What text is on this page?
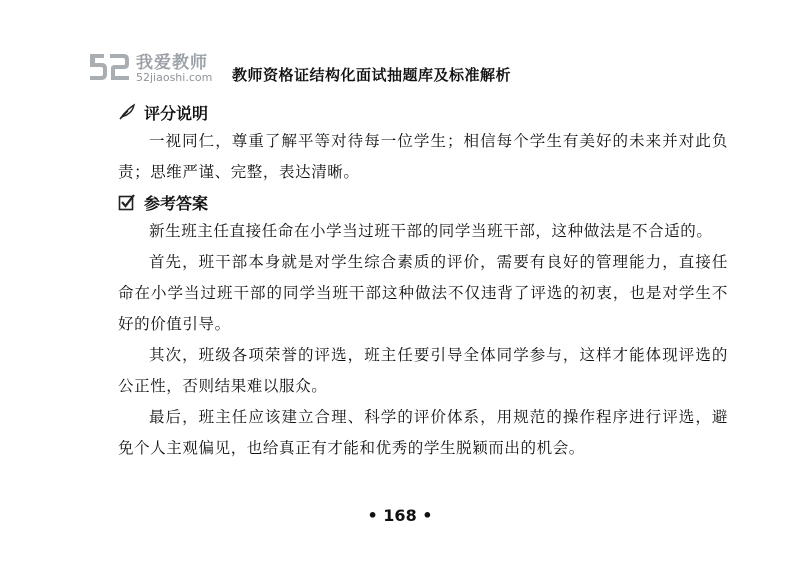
我爱教师
52jiaoshi.com 教师资格证结构化面试抽题库及标准解析
评分说明

一视同仁，尊重了解平等对待每一位学生；相信每个学生有美好的未来并对此负责；思维严谨、完整，表达清晰。

参考答案

新生班主任直接任命在小学当过班干部的同学当班干部，这种做法是不合适的。

首先，班干部本身就是对学生综合素质的评价，需要有良好的管理能力，直接任命在小学当过班干部的同学当班干部这种做法不仅违背了评选的初衷，也是对学生不好的价值引导。

其次，班级各项荣誉的评选，班主任要引导全体同学参与，这样才能体现评选的公正性，否则结果难以服众。

最后，班主任应该建立合理、科学的评价体系，用规范的操作程序进行评选，避免个人主观偏见，也给真正有才能和优秀的学生脱颖而出的机会。

• 168 •
